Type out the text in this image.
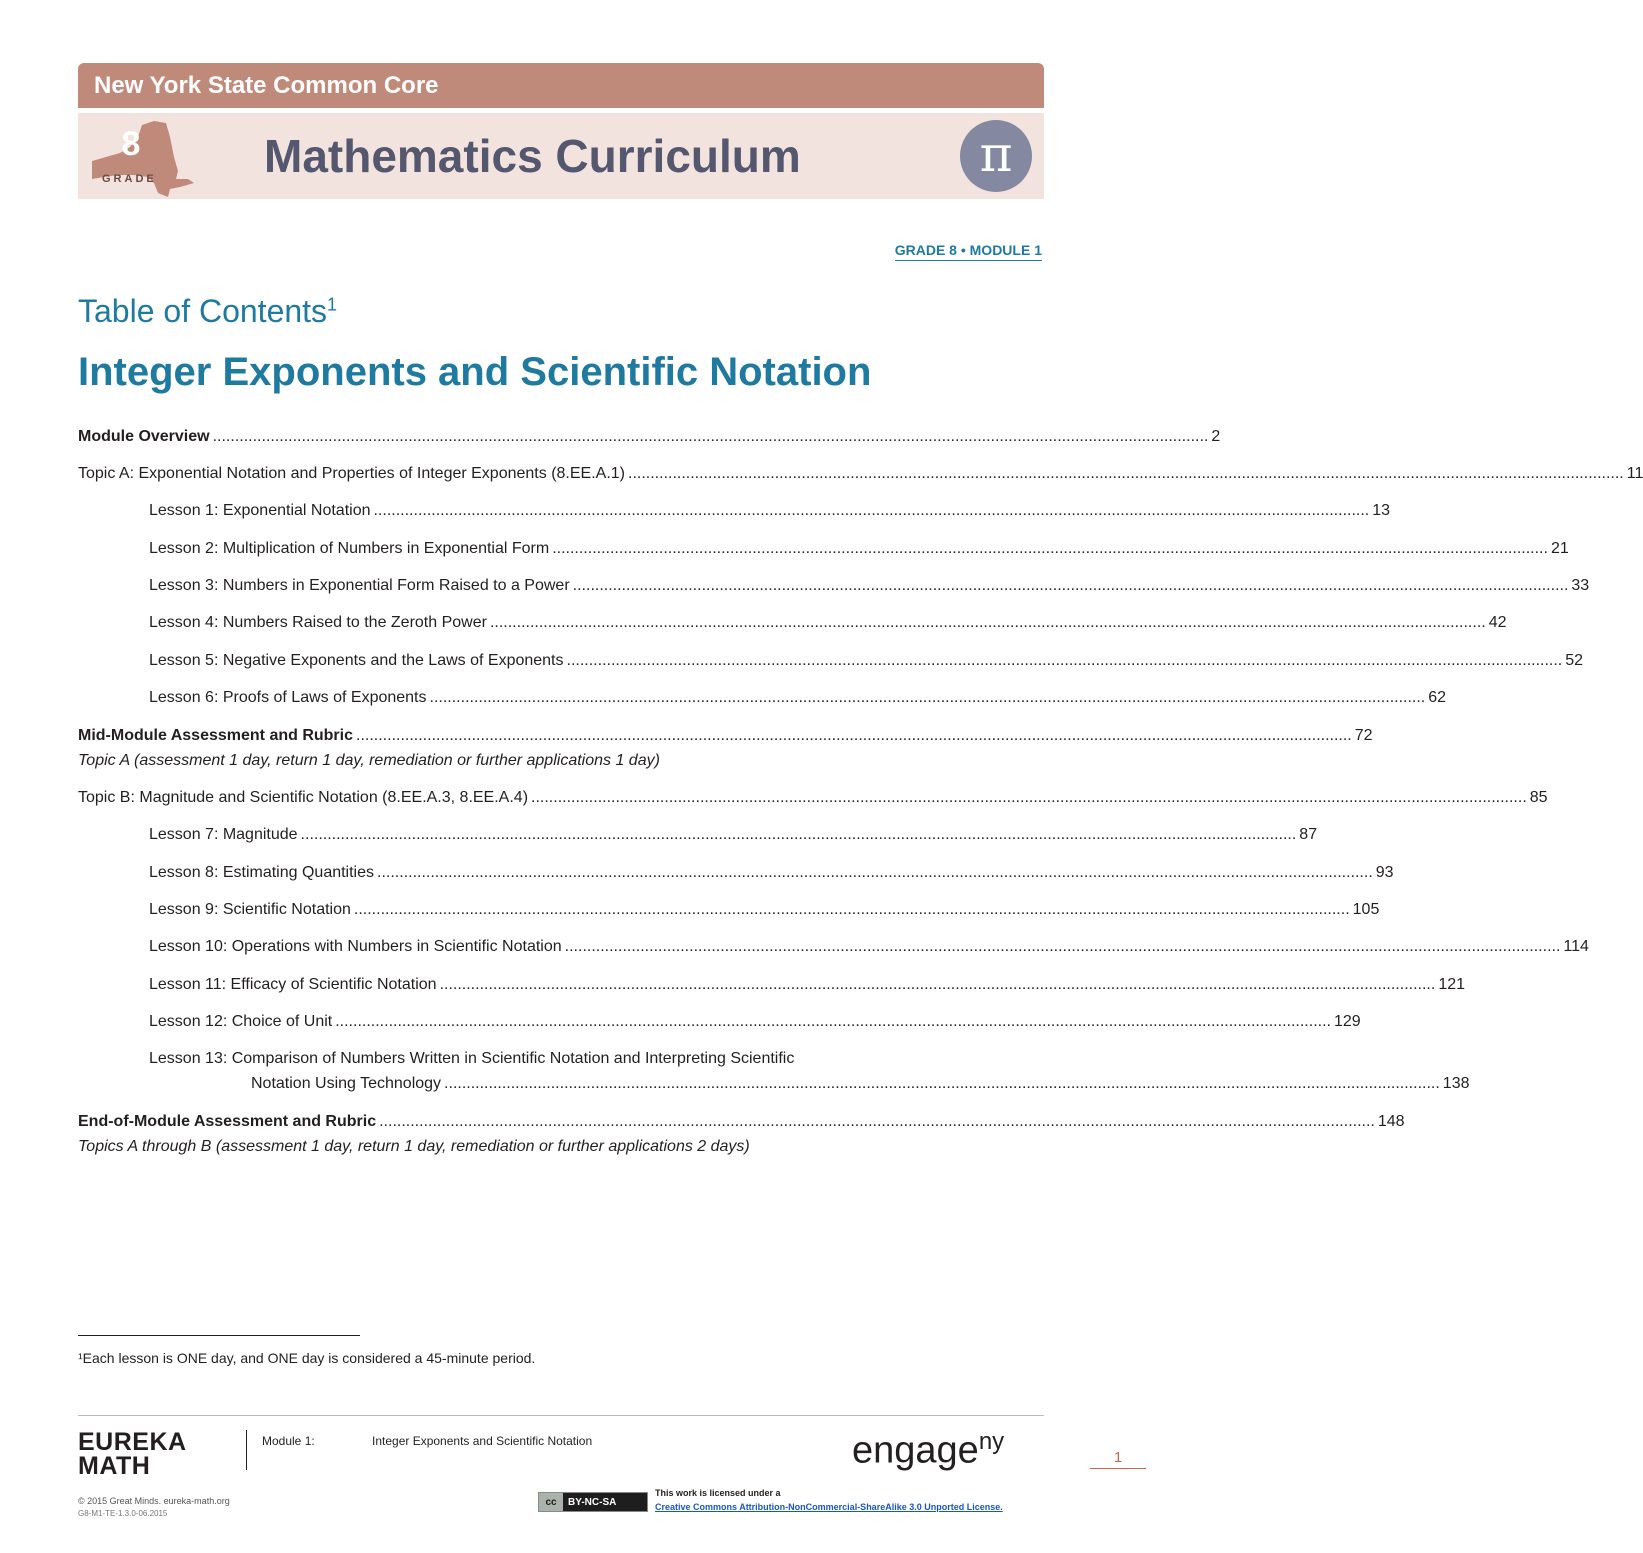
New York State Common Core
8
GRADE Mathematics Curriculum	π
GRADE 8 • MODULE 1
Table of Contents$^1$
Integer Exponents and Scientific Notation
Module Overview ................................................................................................................................................................................................................................ 2
Topic A: Exponential Notation and Properties of Integer Exponents (8.EE.A.1) ................................................................................................................................................................................................................................ 11
Lesson 1: Exponential Notation ................................................................................................................................................................................................................................ 13
Lesson 2: Multiplication of Numbers in Exponential Form ................................................................................................................................................................................................................................ 21
Lesson 3: Numbers in Exponential Form Raised to a Power ................................................................................................................................................................................................................................ 33
Lesson 4: Numbers Raised to the Zeroth Power ................................................................................................................................................................................................................................ 42
Lesson 5: Negative Exponents and the Laws of Exponents ................................................................................................................................................................................................................................ 52
Lesson 6: Proofs of Laws of Exponents ................................................................................................................................................................................................................................ 62
Mid-Module Assessment and Rubric ................................................................................................................................................................................................................................ 72
Topic A (assessment 1 day, return 1 day, remediation or further applications 1 day)
Topic B: Magnitude and Scientific Notation (8.EE.A.3, 8.EE.A.4) ................................................................................................................................................................................................................................ 85
Lesson 7: Magnitude ................................................................................................................................................................................................................................ 87
Lesson 8: Estimating Quantities ................................................................................................................................................................................................................................ 93
Lesson 9: Scientific Notation ................................................................................................................................................................................................................................ 105
Lesson 10: Operations with Numbers in Scientific Notation ................................................................................................................................................................................................................................ 114
Lesson 11: Efficacy of Scientific Notation ................................................................................................................................................................................................................................ 121
Lesson 12: Choice of Unit ................................................................................................................................................................................................................................ 129
Lesson 13: Comparison of Numbers Written in Scientific Notation and Interpreting Scientific
Notation Using Technology ................................................................................................................................................................................................................................ 138
End-of-Module Assessment and Rubric ................................................................................................................................................................................................................................ 148
Topics A through B (assessment 1 day, return 1 day, remediation or further applications 2 days)
¹Each lesson is ONE day, and ONE day is considered a 45-minute period.
EUREKA
MATH
Module 1:	Integer Exponents and Scientific Notation	engage$^{ny}$
1
© 2015 Great Minds. eureka-math.org
G8-M1-TE-1.3.0-06.2015
cc	BY-NC-SA
This work is licensed under a
Creative Commons Attribution-NonCommercial-ShareAlike 3.0 Unported License.
